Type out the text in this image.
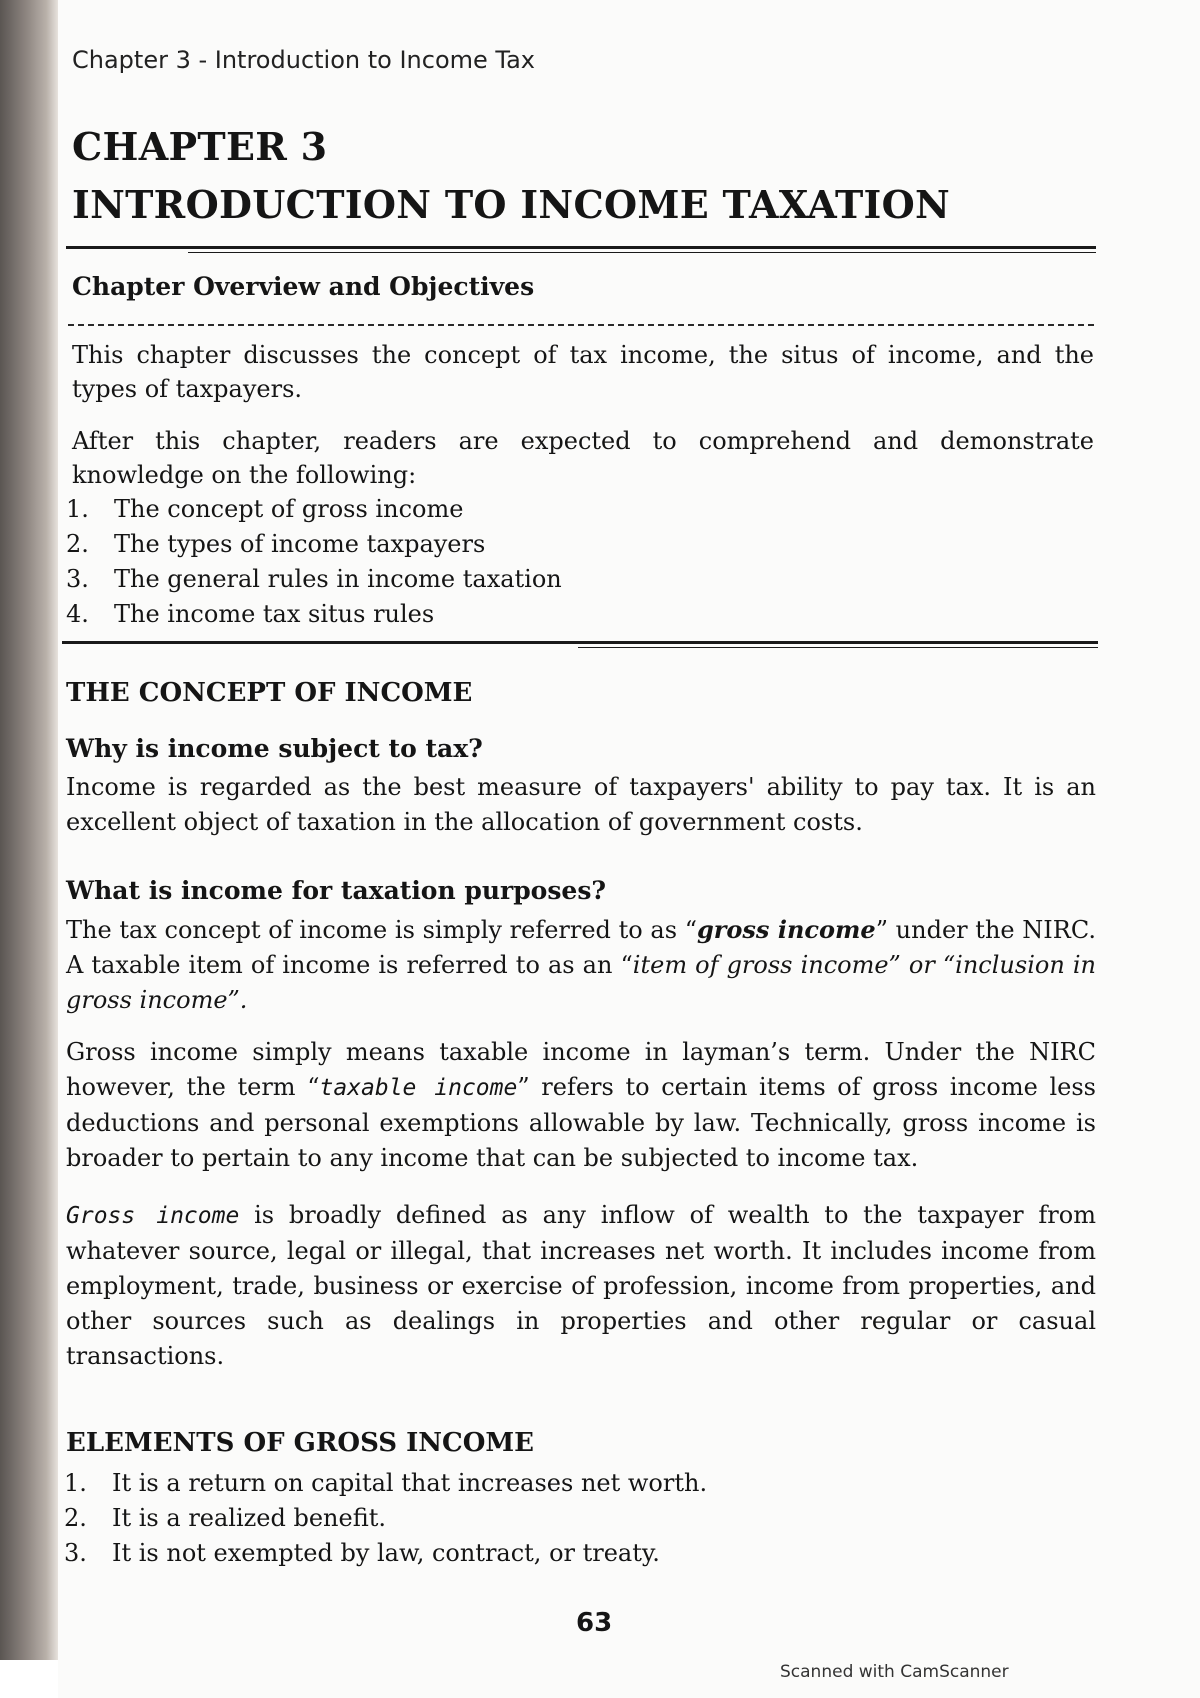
Chapter 3 - Introduction to Income Tax
CHAPTER 3
INTRODUCTION TO INCOME TAXATION
Chapter Overview and Objectives

This chapter discusses the concept of tax income, the situs of income, and the types of taxpayers.

After this chapter, readers are expected to comprehend and demonstrate knowledge on the following:

1.	The concept of gross income
2.	The types of income taxpayers
3.	The general rules in income taxation
4.	The income tax situs rules
THE CONCEPT OF INCOME
Why is income subject to tax?

Income is regarded as the best measure of taxpayers' ability to pay tax. It is an excellent object of taxation in the allocation of government costs.

What is income for taxation purposes?

The tax concept of income is simply referred to as “gross income” under the NIRC. A taxable item of income is referred to as an “item of gross income” or “inclusion in gross income”.

Gross income simply means taxable income in layman’s term. Under the NIRC however, the term “taxable income” refers to certain items of gross income less deductions and personal exemptions allowable by law. Technically, gross income is broader to pertain to any income that can be subjected to income tax.

Gross income is broadly defined as any inflow of wealth to the taxpayer from whatever source, legal or illegal, that increases net worth. It includes income from employment, trade, business or exercise of profession, income from properties, and other sources such as dealings in properties and other regular or casual transactions.

ELEMENTS OF GROSS INCOME
1.	It is a return on capital that increases net worth.
2.	It is a realized benefit.
3.	It is not exempted by law, contract, or treaty.
63
Scanned with CamScanner
